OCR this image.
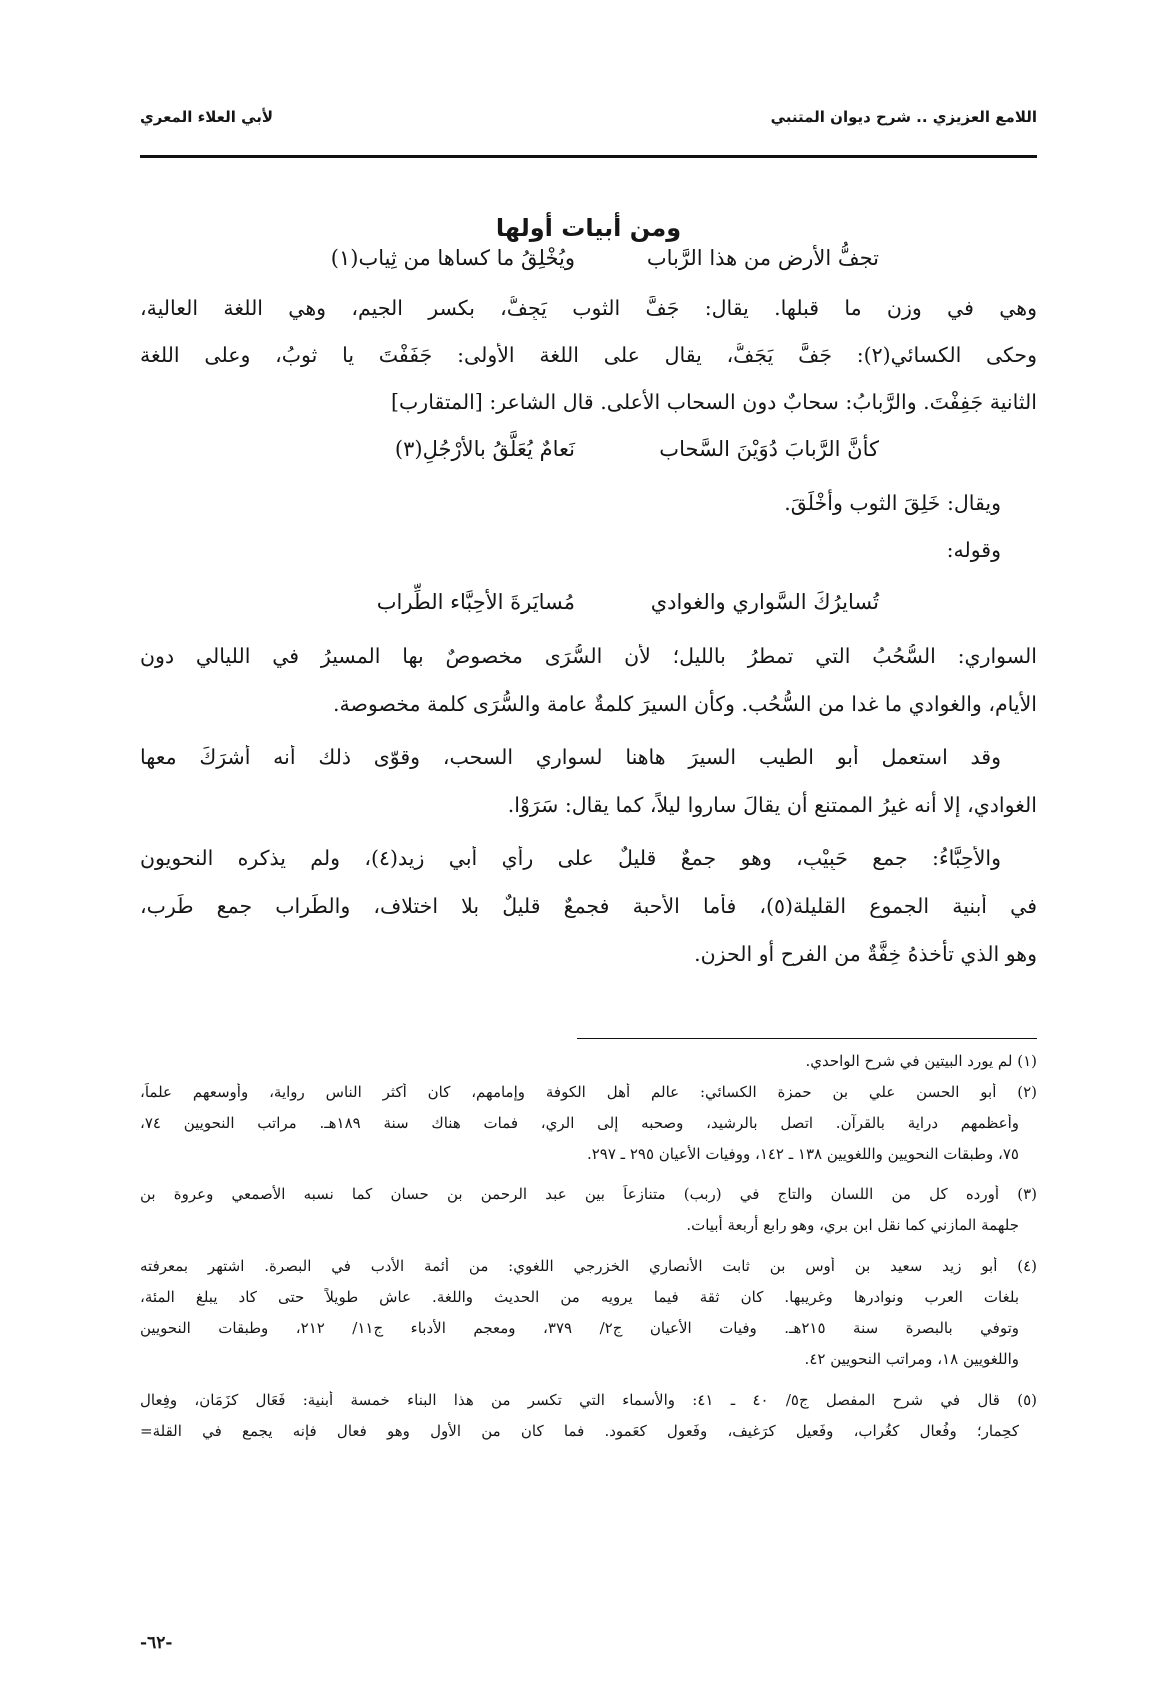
اللامع العزيزي .. شرح ديوان المتنبي
لأبي العلاء المعري
ومن أبيات أولها
تجفُّ الأرض من هذا الرَّباب
ويُخْلِقُ ما كساها من ثِياب(١)
وهي في وزن ما قبلها. يقال: جَفَّ الثوب يَجِفُّ، بكسر الجيم، وهي اللغة العالية،
وحكى الكسائي(٢): جَفَّ يَجَفُّ، يقال على اللغة الأولى: جَفَفْتَ يا ثوبُ، وعلى اللغة
الثانية جَفِفْتَ. والرَّبابُ: سحابٌ دون السحاب الأعلى. قال الشاعر: [المتقارب]
كأنَّ الرَّبابَ دُوَيْنَ السَّحاب
نَعامٌ يُعَلَّقُ بالأرْجُلِ(٣)
ويقال: خَلِقَ الثوب وأخْلَقَ.
وقوله:
تُسايرُكَ السَّواري والغوادي
مُسايَرةَ الأحِبَّاء الطِّراب
السواري: السُّحُبُ التي تمطرُ بالليل؛ لأن السُّرَى مخصوصٌ بها المسيرُ في الليالي دون
الأيام، والغوادي ما غدا من السُّحُب. وكأن السيرَ كلمةٌ عامة والسُّرَى كلمة مخصوصة.
وقد استعمل أبو الطيب السيرَ هاهنا لسواري السحب، وقوّى ذلك أنه أشرَكَ معها
الغوادي، إلا أنه غيرُ الممتنع أن يقالَ ساروا ليلاً، كما يقال: سَرَوْا.
والأحِبَّاءُ: جمع حَبِيْبٍ، وهو جمعٌ قليلٌ على رأي أبي زيد(٤)، ولم يذكره النحويون
في أبنية الجموع القليلة(٥)، فأما الأحبة فجمعٌ قليلٌ بلا اختلاف، والطِّراب جمع طَرِب،
وهو الذي تأخذهُ خِفَّةٌ من الفرح أو الحزن.
(١) لم يورد البيتين في شرح الواحدي.
(٢) أبو الحسن علي بن حمزة الكسائي: عالم أهل الكوفة وإمامهم، كان أكثر الناس رواية، وأوسعهم علماً،
وأعظمهم دراية بالقرآن. اتصل بالرشيد، وصحبه إلى الري، فمات هناك سنة ١٨٩هـ. مراتب النحويين ٧٤،
٧٥، وطبقات النحويين واللغويين ١٣٨ ـ ١٤٢، ووفيات الأعيان ٢٩٥ ـ ٢٩٧.
(٣) أورده كل من اللسان والتاج في (ربب) متنازعاً بين عبد الرحمن بن حسان كما نسبه الأصمعي وعروة بن
جلهمة المازني كما نقل ابن بري، وهو رابع أربعة أبيات.
(٤) أبو زيد سعيد بن أوس بن ثابت الأنصاري الخزرجي اللغوي: من أئمة الأدب في البصرة. اشتهر بمعرفته
بلغات العرب ونوادرها وغريبها. كان ثقة فيما يرويه من الحديث واللغة. عاش طويلاً حتى كاد يبلغ المئة،
وتوفي بالبصرة سنة ٢١٥هـ. وفيات الأعيان ج٢/ ٣٧٩، ومعجم الأدباء ج١١/ ٢١٢، وطبقات النحويين
واللغويين ١٨، ومراتب النحويين ٤٢.
(٥) قال في شرح المفصل ج٥/ ٤٠ ـ ٤١: والأسماء التي تكسر من هذا البناء خمسة أبنية: فَعَال كزَمَان، وفِعال
كحِمار؛ وفُعال كغُراب، وفَعيل كرَغيف، وفَعول كعَمود. فما كان من الأول وهو فعال فإنه يجمع في القلة=
-٦٢-
